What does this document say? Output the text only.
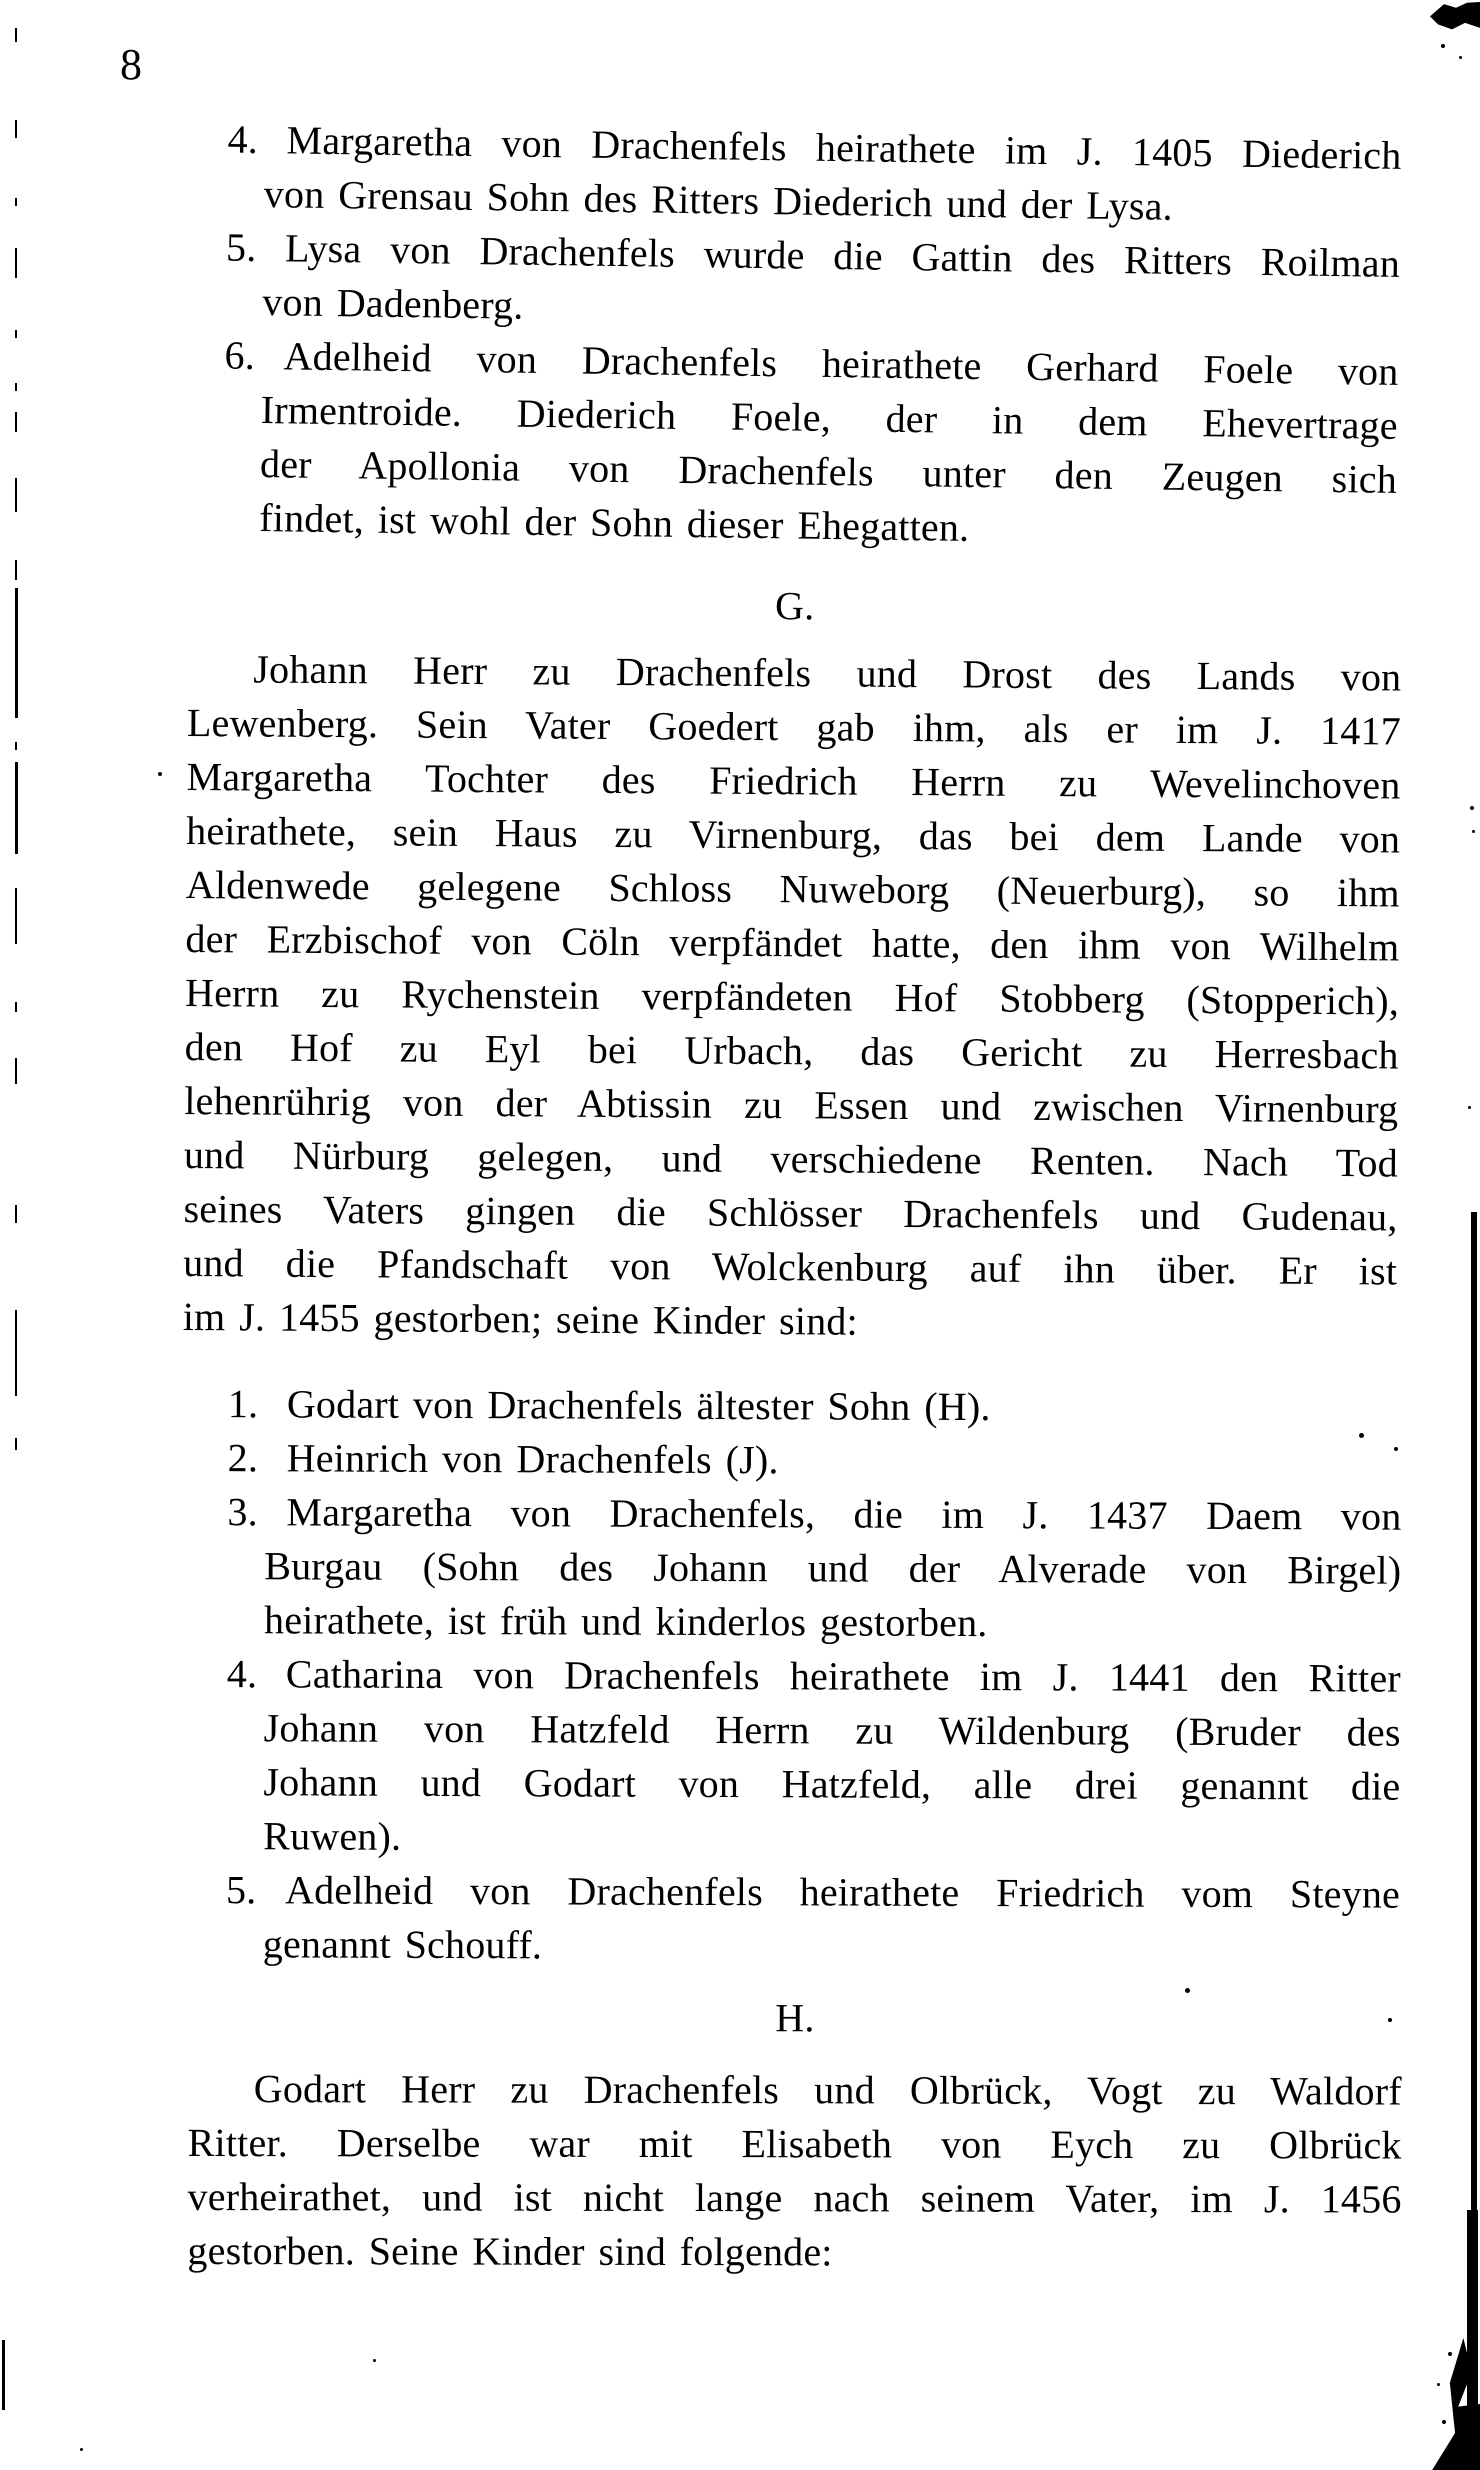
8
4. Margaretha von Drachenfels heirathete im J. 1405 Diederich
von Grensau Sohn des Ritters Diederich und der Lysa.
5. Lysa von Drachenfels wurde die Gattin des Ritters Roilman
von Dadenberg.
6. Adelheid von Drachenfels heirathete Gerhard Foele von
Irmentroide. Diederich Foele, der in dem Ehevertrage
der Apollonia von Drachenfels unter den Zeugen sich
findet, ist wohl der Sohn dieser Ehegatten.
G.
Johann Herr zu Drachenfels und Drost des Lands von
Lewenberg. Sein Vater Goedert gab ihm, als er im J. 1417
Margaretha Tochter des Friedrich Herrn zu Wevelinchoven
heirathete, sein Haus zu Virnenburg, das bei dem Lande von
Aldenwede gelegene Schloss Nuweborg (Neuerburg), so ihm
der Erzbischof von Cöln verpfändet hatte, den ihm von Wilhelm
Herrn zu Rychenstein verpfändeten Hof Stobberg (Stopperich),
den Hof zu Eyl bei Urbach, das Gericht zu Herresbach
lehenrührig von der Abtissin zu Essen und zwischen Virnenburg
und Nürburg gelegen, und verschiedene Renten. Nach Tod
seines Vaters gingen die Schlösser Drachenfels und Gudenau,
und die Pfandschaft von Wolckenburg auf ihn über. Er ist
im J. 1455 gestorben; seine Kinder sind:
1. Godart von Drachenfels ältester Sohn (H).
2. Heinrich von Drachenfels (J).
3. Margaretha von Drachenfels, die im J. 1437 Daem von
Burgau (Sohn des Johann und der Alverade von Birgel)
heirathete, ist früh und kinderlos gestorben.
4. Catharina von Drachenfels heirathete im J. 1441 den Ritter
Johann von Hatzfeld Herrn zu Wildenburg (Bruder des
Johann und Godart von Hatzfeld, alle drei genannt die
Ruwen).
5. Adelheid von Drachenfels heirathete Friedrich vom Steyne
genannt Schouff.
H.
Godart Herr zu Drachenfels und Olbrück, Vogt zu Waldorf
Ritter. Derselbe war mit Elisabeth von Eych zu Olbrück
verheirathet, und ist nicht lange nach seinem Vater, im J. 1456
gestorben. Seine Kinder sind folgende:
